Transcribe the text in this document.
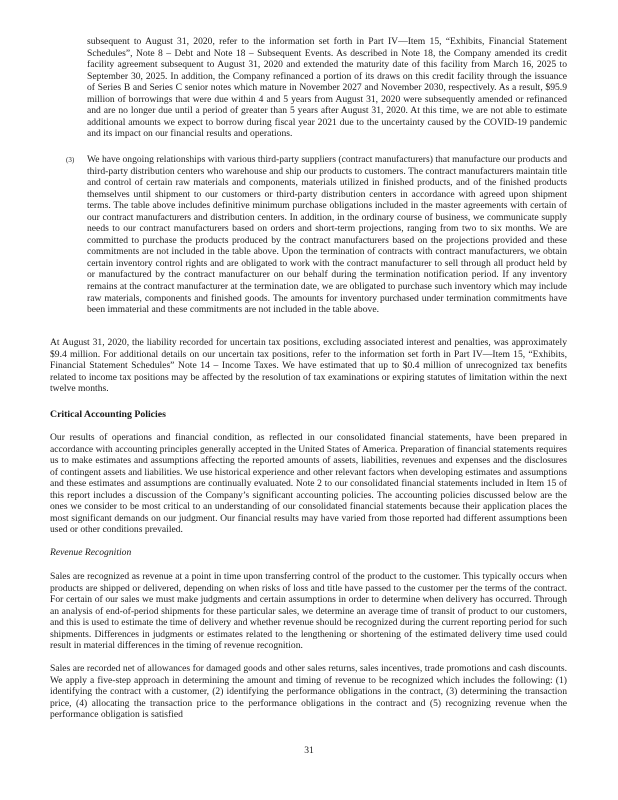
subsequent to August 31, 2020, refer to the information set forth in Part IV—Item 15, “Exhibits, Financial Statement Schedules”, Note 8 – Debt and Note 18 – Subsequent Events. As described in Note 18, the Company amended its credit facility agreement subsequent to August 31, 2020 and extended the maturity date of this facility from March 16, 2025 to September 30, 2025. In addition, the Company refinanced a portion of its draws on this credit facility through the issuance of Series B and Series C senior notes which mature in November 2027 and November 2030, respectively. As a result, $95.9 million of borrowings that were due within 4 and 5 years from August 31, 2020 were subsequently amended or refinanced and are no longer due until a period of greater than 5 years after August 31, 2020. At this time, we are not able to estimate additional amounts we expect to borrow during fiscal year 2021 due to the uncertainty caused by the COVID-19 pandemic and its impact on our financial results and operations.

(3) We have ongoing relationships with various third-party suppliers (contract manufacturers) that manufacture our products and third-party distribution centers who warehouse and ship our products to customers. The contract manufacturers maintain title and control of certain raw materials and components, materials utilized in finished products, and of the finished products themselves until shipment to our customers or third-party distribution centers in accordance with agreed upon shipment terms. The table above includes definitive minimum purchase obligations included in the master agreements with certain of our contract manufacturers and distribution centers. In addition, in the ordinary course of business, we communicate supply needs to our contract manufacturers based on orders and short-term projections, ranging from two to six months. We are committed to purchase the products produced by the contract manufacturers based on the projections provided and these commitments are not included in the table above. Upon the termination of contracts with contract manufacturers, we obtain certain inventory control rights and are obligated to work with the contract manufacturer to sell through all product held by or manufactured by the contract manufacturer on our behalf during the termination notification period. If any inventory remains at the contract manufacturer at the termination date, we are obligated to purchase such inventory which may include raw materials, components and finished goods. The amounts for inventory purchased under termination commitments have been immaterial and these commitments are not included in the table above.

At August 31, 2020, the liability recorded for uncertain tax positions, excluding associated interest and penalties, was approximately $9.4 million. For additional details on our uncertain tax positions, refer to the information set forth in Part IV—Item 15, “Exhibits, Financial Statement Schedules” Note 14 – Income Taxes. We have estimated that up to $0.4 million of unrecognized tax benefits related to income tax positions may be affected by the resolution of tax examinations or expiring statutes of limitation within the next twelve months.

Critical Accounting Policies

Our results of operations and financial condition, as reflected in our consolidated financial statements, have been prepared in accordance with accounting principles generally accepted in the United States of America. Preparation of financial statements requires us to make estimates and assumptions affecting the reported amounts of assets, liabilities, revenues and expenses and the disclosures of contingent assets and liabilities. We use historical experience and other relevant factors when developing estimates and assumptions and these estimates and assumptions are continually evaluated. Note 2 to our consolidated financial statements included in Item 15 of this report includes a discussion of the Company’s significant accounting policies. The accounting policies discussed below are the ones we consider to be most critical to an understanding of our consolidated financial statements because their application places the most significant demands on our judgment. Our financial results may have varied from those reported had different assumptions been used or other conditions prevailed.

Revenue Recognition

Sales are recognized as revenue at a point in time upon transferring control of the product to the customer. This typically occurs when products are shipped or delivered, depending on when risks of loss and title have passed to the customer per the terms of the contract. For certain of our sales we must make judgments and certain assumptions in order to determine when delivery has occurred. Through an analysis of end-of-period shipments for these particular sales, we determine an average time of transit of product to our customers, and this is used to estimate the time of delivery and whether revenue should be recognized during the current reporting period for such shipments. Differences in judgments or estimates related to the lengthening or shortening of the estimated delivery time used could result in material differences in the timing of revenue recognition.

Sales are recorded net of allowances for damaged goods and other sales returns, sales incentives, trade promotions and cash discounts. We apply a five-step approach in determining the amount and timing of revenue to be recognized which includes the following: (1) identifying the contract with a customer, (2) identifying the performance obligations in the contract, (3) determining the transaction price, (4) allocating the transaction price to the performance obligations in the contract and (5) recognizing revenue when the performance obligation is satisfied

31
